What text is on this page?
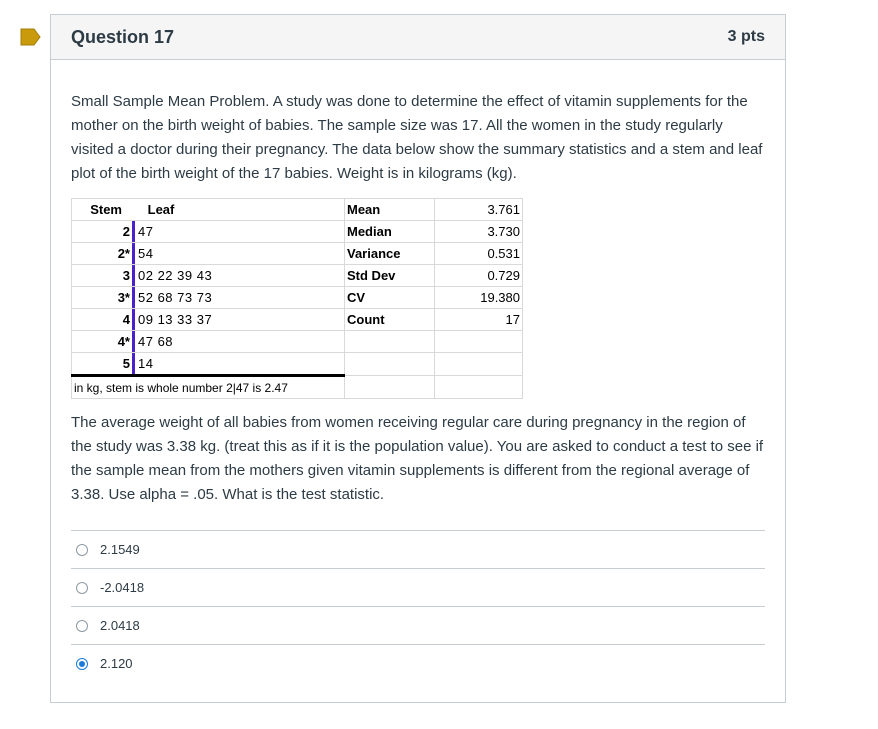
Question 17	3 pts
Small Sample Mean Problem. A study was done to determine the effect of vitamin supplements for the mother on the birth weight of babies. The sample size was 17. All the women in the study regularly visited a doctor during their pregnancy. The data below show the summary statistics and a stem and leaf plot of the birth weight of the 17 babies. Weight is in kilograms (kg).
Stem Leaf	Mean	3.761
2 47	Median	3.730
2* 54	Variance	0.531
3 02 22 39 43	Std Dev	0.729
3* 52 68 73 73	CV	19.380
4 09 13 33 37	Count	17
4* 47 68		
5 14		
in kg, stem is whole number 2|47 is 2.47		
The average weight of all babies from women receiving regular care during pregnancy in the region of the study was 3.38 kg. (treat this as if it is the population value). You are asked to conduct a test to see if the sample mean from the mothers given vitamin supplements is different from the regional average of 3.38. Use alpha = .05. What is the test statistic.
2.1549
-2.0418
2.0418
2.120
